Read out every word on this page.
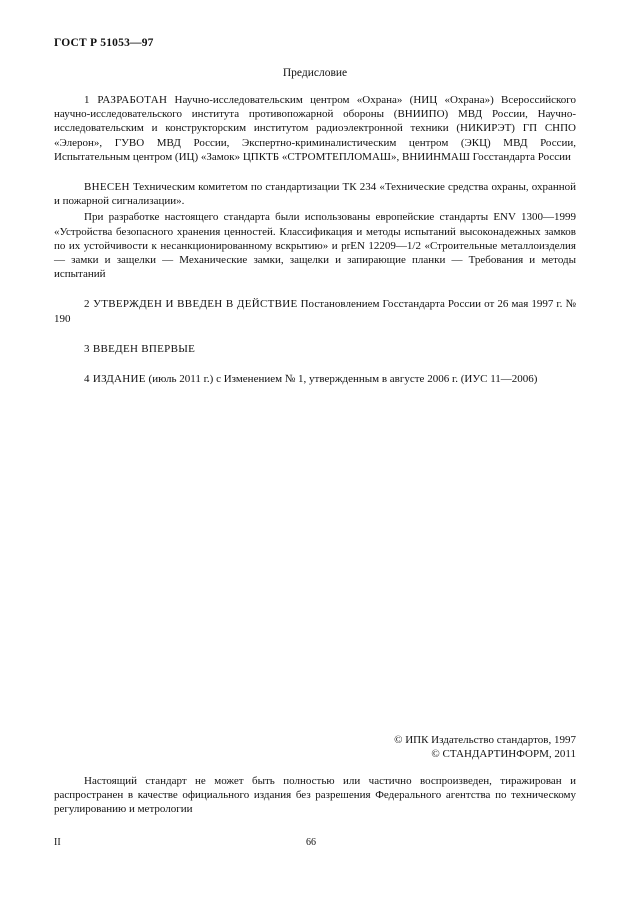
ГОСТ Р 51053—97
Предисловие

1 РАЗРАБОТАН Научно-исследовательским центром «Охрана» (НИЦ «Охрана») Всероссийского научно-исследовательского института противопожарной обороны (ВНИИПО) МВД России, Научно-исследовательским и конструкторским институтом радиоэлектронной техники (НИКИРЭТ) ГП СНПО «Элерон», ГУВО МВД России, Экспертно-криминалистическим центром (ЭКЦ) МВД России, Испытательным центром (ИЦ) «Замок» ЦПКТБ «СТРОМТЕПЛОМАШ», ВНИИНМАШ Госстандарта России

ВНЕСЕН Техническим комитетом по стандартизации ТК 234 «Технические средства охраны, охранной и пожарной сигнализации».

При разработке настоящего стандарта были использованы европейские стандарты ENV 1300—1999 «Устройства безопасного хранения ценностей. Классификация и методы испытаний высоконадежных замков по их устойчивости к несанкционированному вскрытию» и prEN 12209—1/2 «Строительные металлоизделия — замки и защелки — Механические замки, защелки и запирающие планки — Требования и методы испытаний

2 УТВЕРЖДЕН И ВВЕДЕН В ДЕЙСТВИЕ Постановлением Госстандарта России от 26 мая 1997 г. № 190

3 ВВЕДЕН ВПЕРВЫЕ

4 ИЗДАНИЕ (июль 2011 г.) с Изменением № 1, утвержденным в августе 2006 г. (ИУС 11—2006)

© ИПК Издательство стандартов, 1997
© СТАНДАРТИНФОРМ, 2011

Настоящий стандарт не может быть полностью или частично воспроизведен, тиражирован и распространен в качестве официального издания без разрешения Федерального агентства по техническому регулированию и метрологии

II	66
